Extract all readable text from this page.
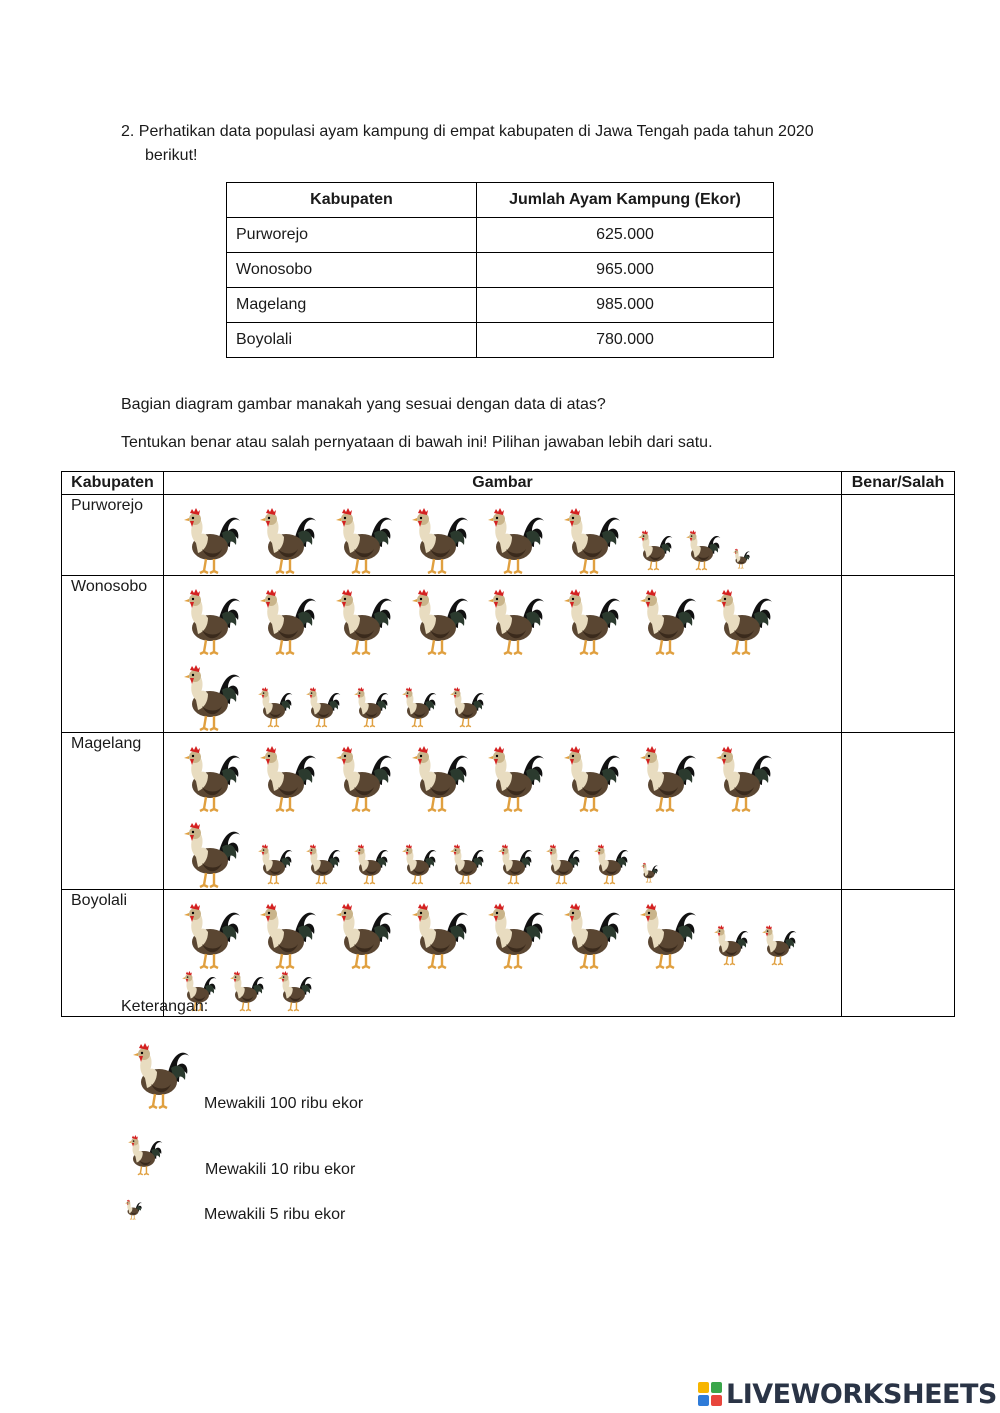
2. Perhatikan data populasi ayam kampung di empat kabupaten di Jawa Tengah pada tahun 2020
berikut!
Kabupaten	Jumlah Ayam Kampung (Ekor)
Purworejo	625.000
Wonosobo	965.000
Magelang	985.000
Boyolali	780.000
Bagian diagram gambar manakah yang sesuai dengan data di atas?
Tentukan benar atau salah pernyataan di bawah ini! Pilihan jawaban lebih dari satu.
Kabupaten	Gambar	Benar/Salah
Purworejo	

Wonosobo	

Magelang	

Boyolali	

Keterangan:
Mewakili 100 ribu ekor
Mewakili 10 ribu ekor
Mewakili 5 ribu ekor
LIVEWORKSHEETS
